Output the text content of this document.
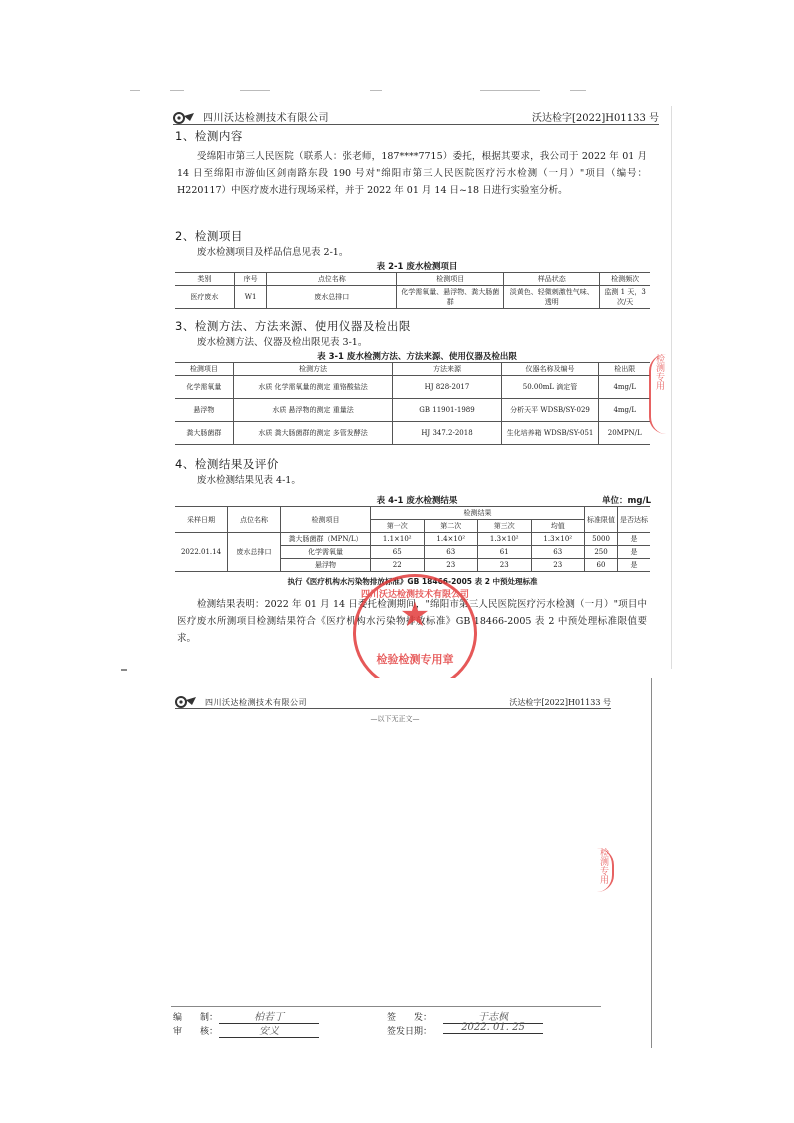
四川沃达检测技术有限公司	沃达检字[2022]H01133 号
1、检测内容
受绵阳市第三人民医院（联系人：张老师，187****7715）委托，根据其要求，我公司于 2022 年 01 月 14 日至绵阳市游仙区剑南路东段 190 号对"绵阳市第三人民医院医疗污水检测（一月）"项目（编号：H220117）中医疗废水进行现场采样，并于 2022 年 01 月 14 日~18 日进行实验室分析。
2、检测项目
废水检测项目及样品信息见表 2-1。
表 2-1 废水检测项目
类别	序号	点位名称	检测项目	样品状态	检测频次
医疗废水	W1	废水总排口	化学需氧量、悬浮物、粪大肠菌群	淡黄色、轻微刺激性气味、透明	监测 1 天，3 次/天
3、检测方法、方法来源、使用仪器及检出限
废水检测方法、仪器及检出限见表 3-1。
表 3-1 废水检测方法、方法来源、使用仪器及检出限
检测项目	检测方法	方法来源	仪器名称及编号	检出限
化学需氧量	水质 化学需氧量的测定 重铬酸盐法	HJ 828-2017	50.00mL 滴定管	4mg/L
悬浮物	水质 悬浮物的测定 重量法	GB 11901-1989	分析天平 WDSB/SY-029	4mg/L
粪大肠菌群	水质 粪大肠菌群的测定 多管发酵法	HJ 347.2-2018	生化培养箱 WDSB/SY-051	20MPN/L
4、检测结果及评价
废水检测结果见表 4-1。
表 4-1 废水检测结果	单位：mg/L
采样日期	点位名称	检测项目	检测结果				标准限值	是否达标
			第一次	第二次	第三次	均值		
2022.01.14	废水总排口	粪大肠菌群（MPN/L）	1.1×10²	1.4×10²	1.3×10²	1.3×10²	5000	是
		化学需氧量	65	63	61	63	250	是
		悬浮物	22	23	23	23	60	是
执行《医疗机构水污染物排放标准》GB 18466-2005 表 2 中预处理标准
检测结果表明：2022 年 01 月 14 日委托检测期间，"绵阳市第三人民医院医疗污水检测（一月）"项目中医疗废水所测项目检测结果符合《医疗机构水污染物排放标准》GB 18466-2005 表 2 中预处理标准限值要求。
四川沃达检测技术有限公司
★
检验检测专用章
检测专用
四川沃达检测技术有限公司	沃达检字[2022]H01133 号
—以下无正文—
检测专用
编　　制：	柏若丁
审　　核：	安义
签　　发：	于志枫
签发日期：	2022. 01. 25
